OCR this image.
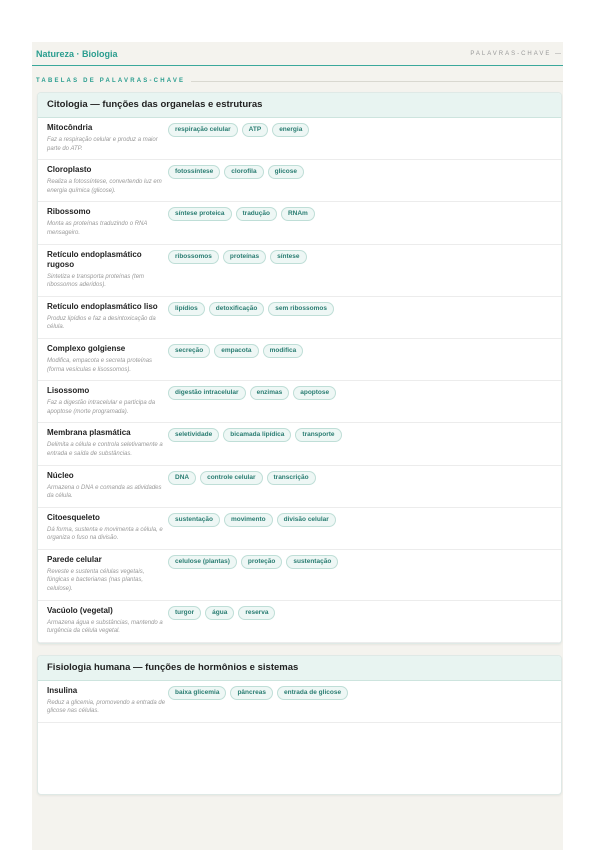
Natureza · Biologia	PALAVRAS-CHAVE —
TABELAS DE PALAVRAS-CHAVE
Citologia — funções das organelas e estruturas
Mitocôndria
Faz a respiração celular e produz a maior parte do ATP.
respiração celular	ATP	energia
Cloroplasto
Realiza a fotossíntese, convertendo luz em energia química (glicose).
fotossíntese	clorofila	glicose
Ribossomo
Monta as proteínas traduzindo o RNA mensageiro.
síntese proteica	tradução	RNAm
Retículo endoplasmático rugoso
Sintetiza e transporta proteínas (tem ribossomos aderidos).
ribossomos	proteínas	síntese
Retículo endoplasmático liso
Produz lipídios e faz a desintoxicação da célula.
lipídios	detoxificação	sem ribossomos
Complexo golgiense
Modifica, empacota e secreta proteínas (forma vesículas e lisossomos).
secreção	empacota	modifica
Lisossomo
Faz a digestão intracelular e participa da apoptose (morte programada).
digestão intracelular	enzimas	apoptose
Membrana plasmática
Delimita a célula e controla seletivamente a entrada e saída de substâncias.
seletividade	bicamada lipídica	transporte
Núcleo
Armazena o DNA e comanda as atividades da célula.
DNA	controle celular	transcrição
Citoesqueleto
Dá forma, sustenta e movimenta a célula, e organiza o fuso na divisão.
sustentação	movimento	divisão celular
Parede celular
Reveste e sustenta células vegetais, fúngicas e bacterianas (nas plantas, celulose).
celulose (plantas)	proteção	sustentação
Vacúolo (vegetal)
Armazena água e substâncias, mantendo a turgência da célula vegetal.
turgor	água	reserva
Fisiologia humana — funções de hormônios e sistemas
Insulina
Reduz a glicemia, promovendo a entrada de glicose nas células.
baixa glicemia	pâncreas	entrada de glicose
